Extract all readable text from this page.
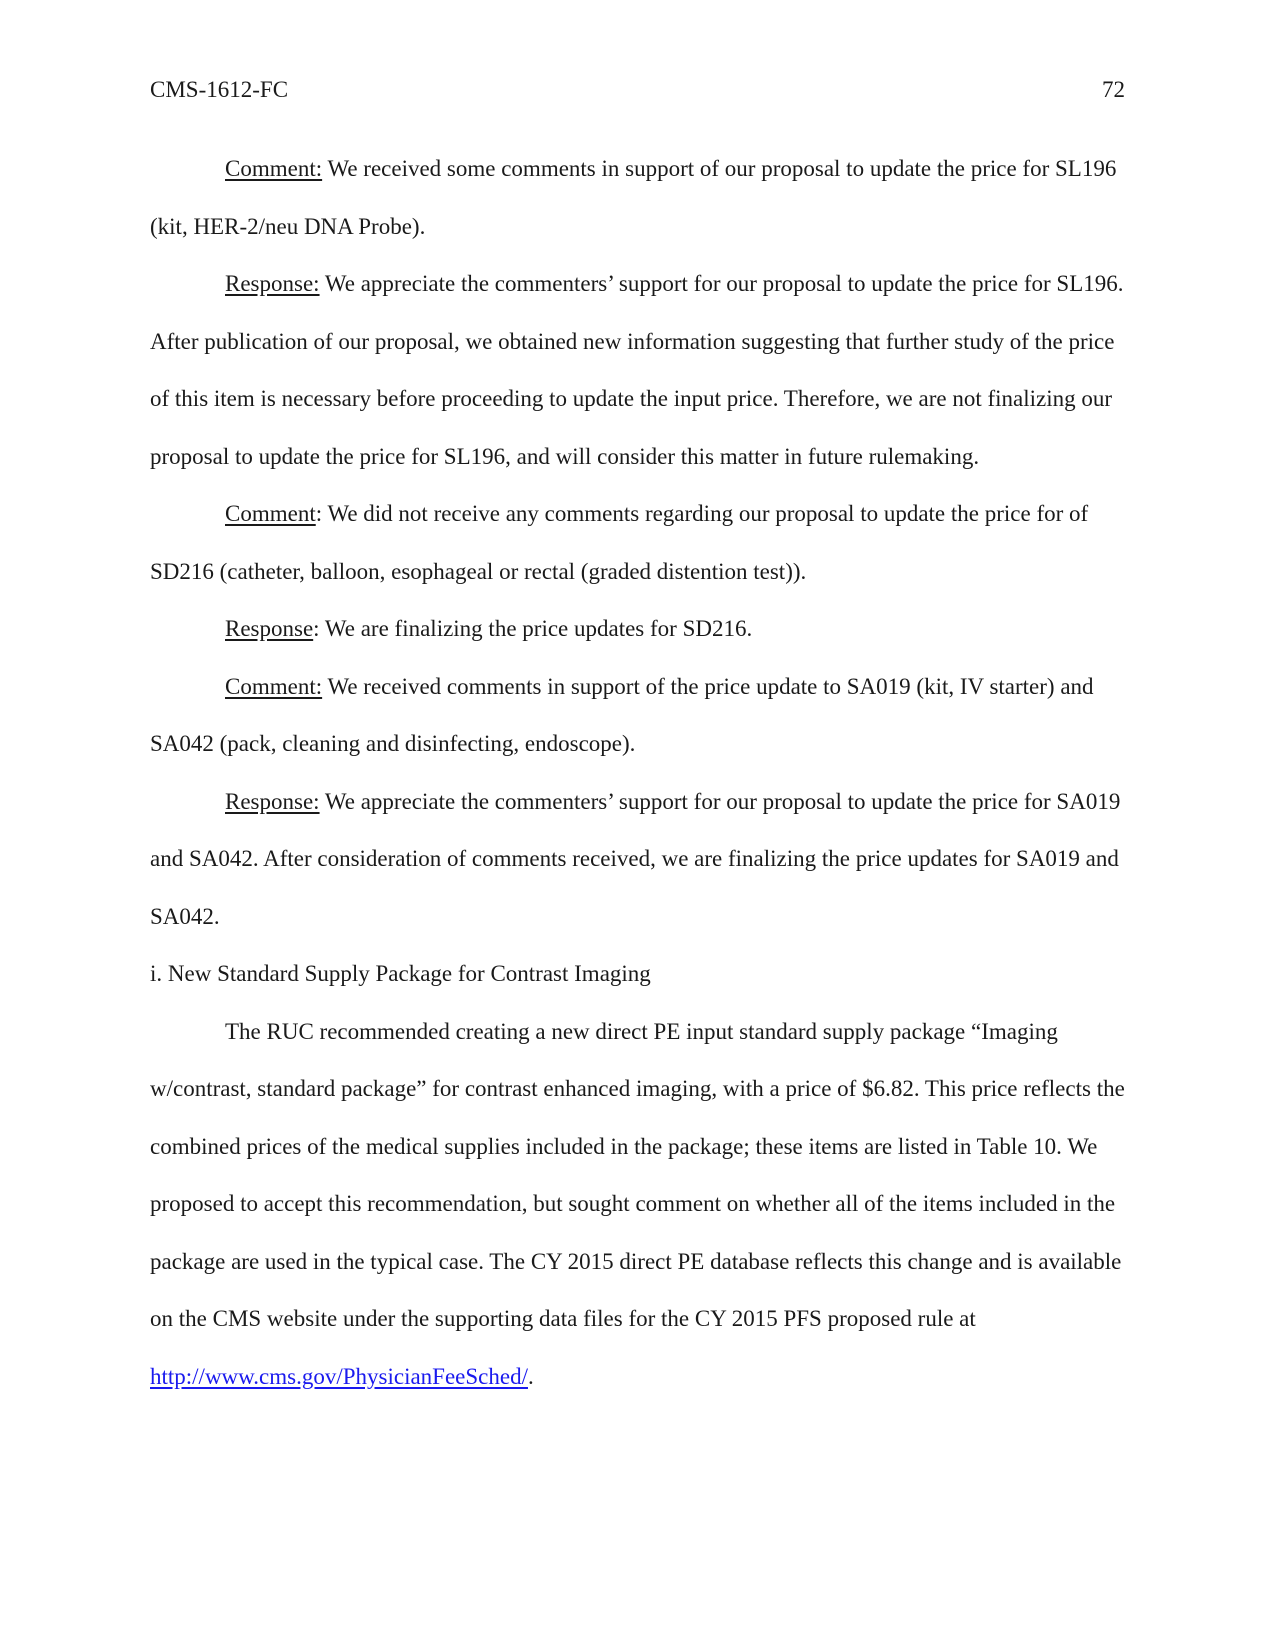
CMS-1612-FC	72

Comment: We received some comments in support of our proposal to update the price for SL196 (kit, HER-2/neu DNA Probe).

Response: We appreciate the commenters’ support for our proposal to update the price for SL196. After publication of our proposal, we obtained new information suggesting that further study of the price of this item is necessary before proceeding to update the input price. Therefore, we are not finalizing our proposal to update the price for SL196, and will consider this matter in future rulemaking.

Comment: We did not receive any comments regarding our proposal to update the price for of SD216 (catheter, balloon, esophageal or rectal (graded distention test)).

Response: We are finalizing the price updates for SD216.

Comment: We received comments in support of the price update to SA019 (kit, IV starter) and SA042 (pack, cleaning and disinfecting, endoscope).

Response: We appreciate the commenters’ support for our proposal to update the price for SA019 and SA042. After consideration of comments received, we are finalizing the price updates for SA019 and SA042.

i. New Standard Supply Package for Contrast Imaging

The RUC recommended creating a new direct PE input standard supply package “Imaging w/contrast, standard package” for contrast enhanced imaging, with a price of $6.82. This price reflects the combined prices of the medical supplies included in the package; these items are listed in Table 10. We proposed to accept this recommendation, but sought comment on whether all of the items included in the package are used in the typical case. The CY 2015 direct PE database reflects this change and is available on the CMS website under the supporting data files for the CY 2015 PFS proposed rule at http://www.cms.gov/PhysicianFeeSched/.
